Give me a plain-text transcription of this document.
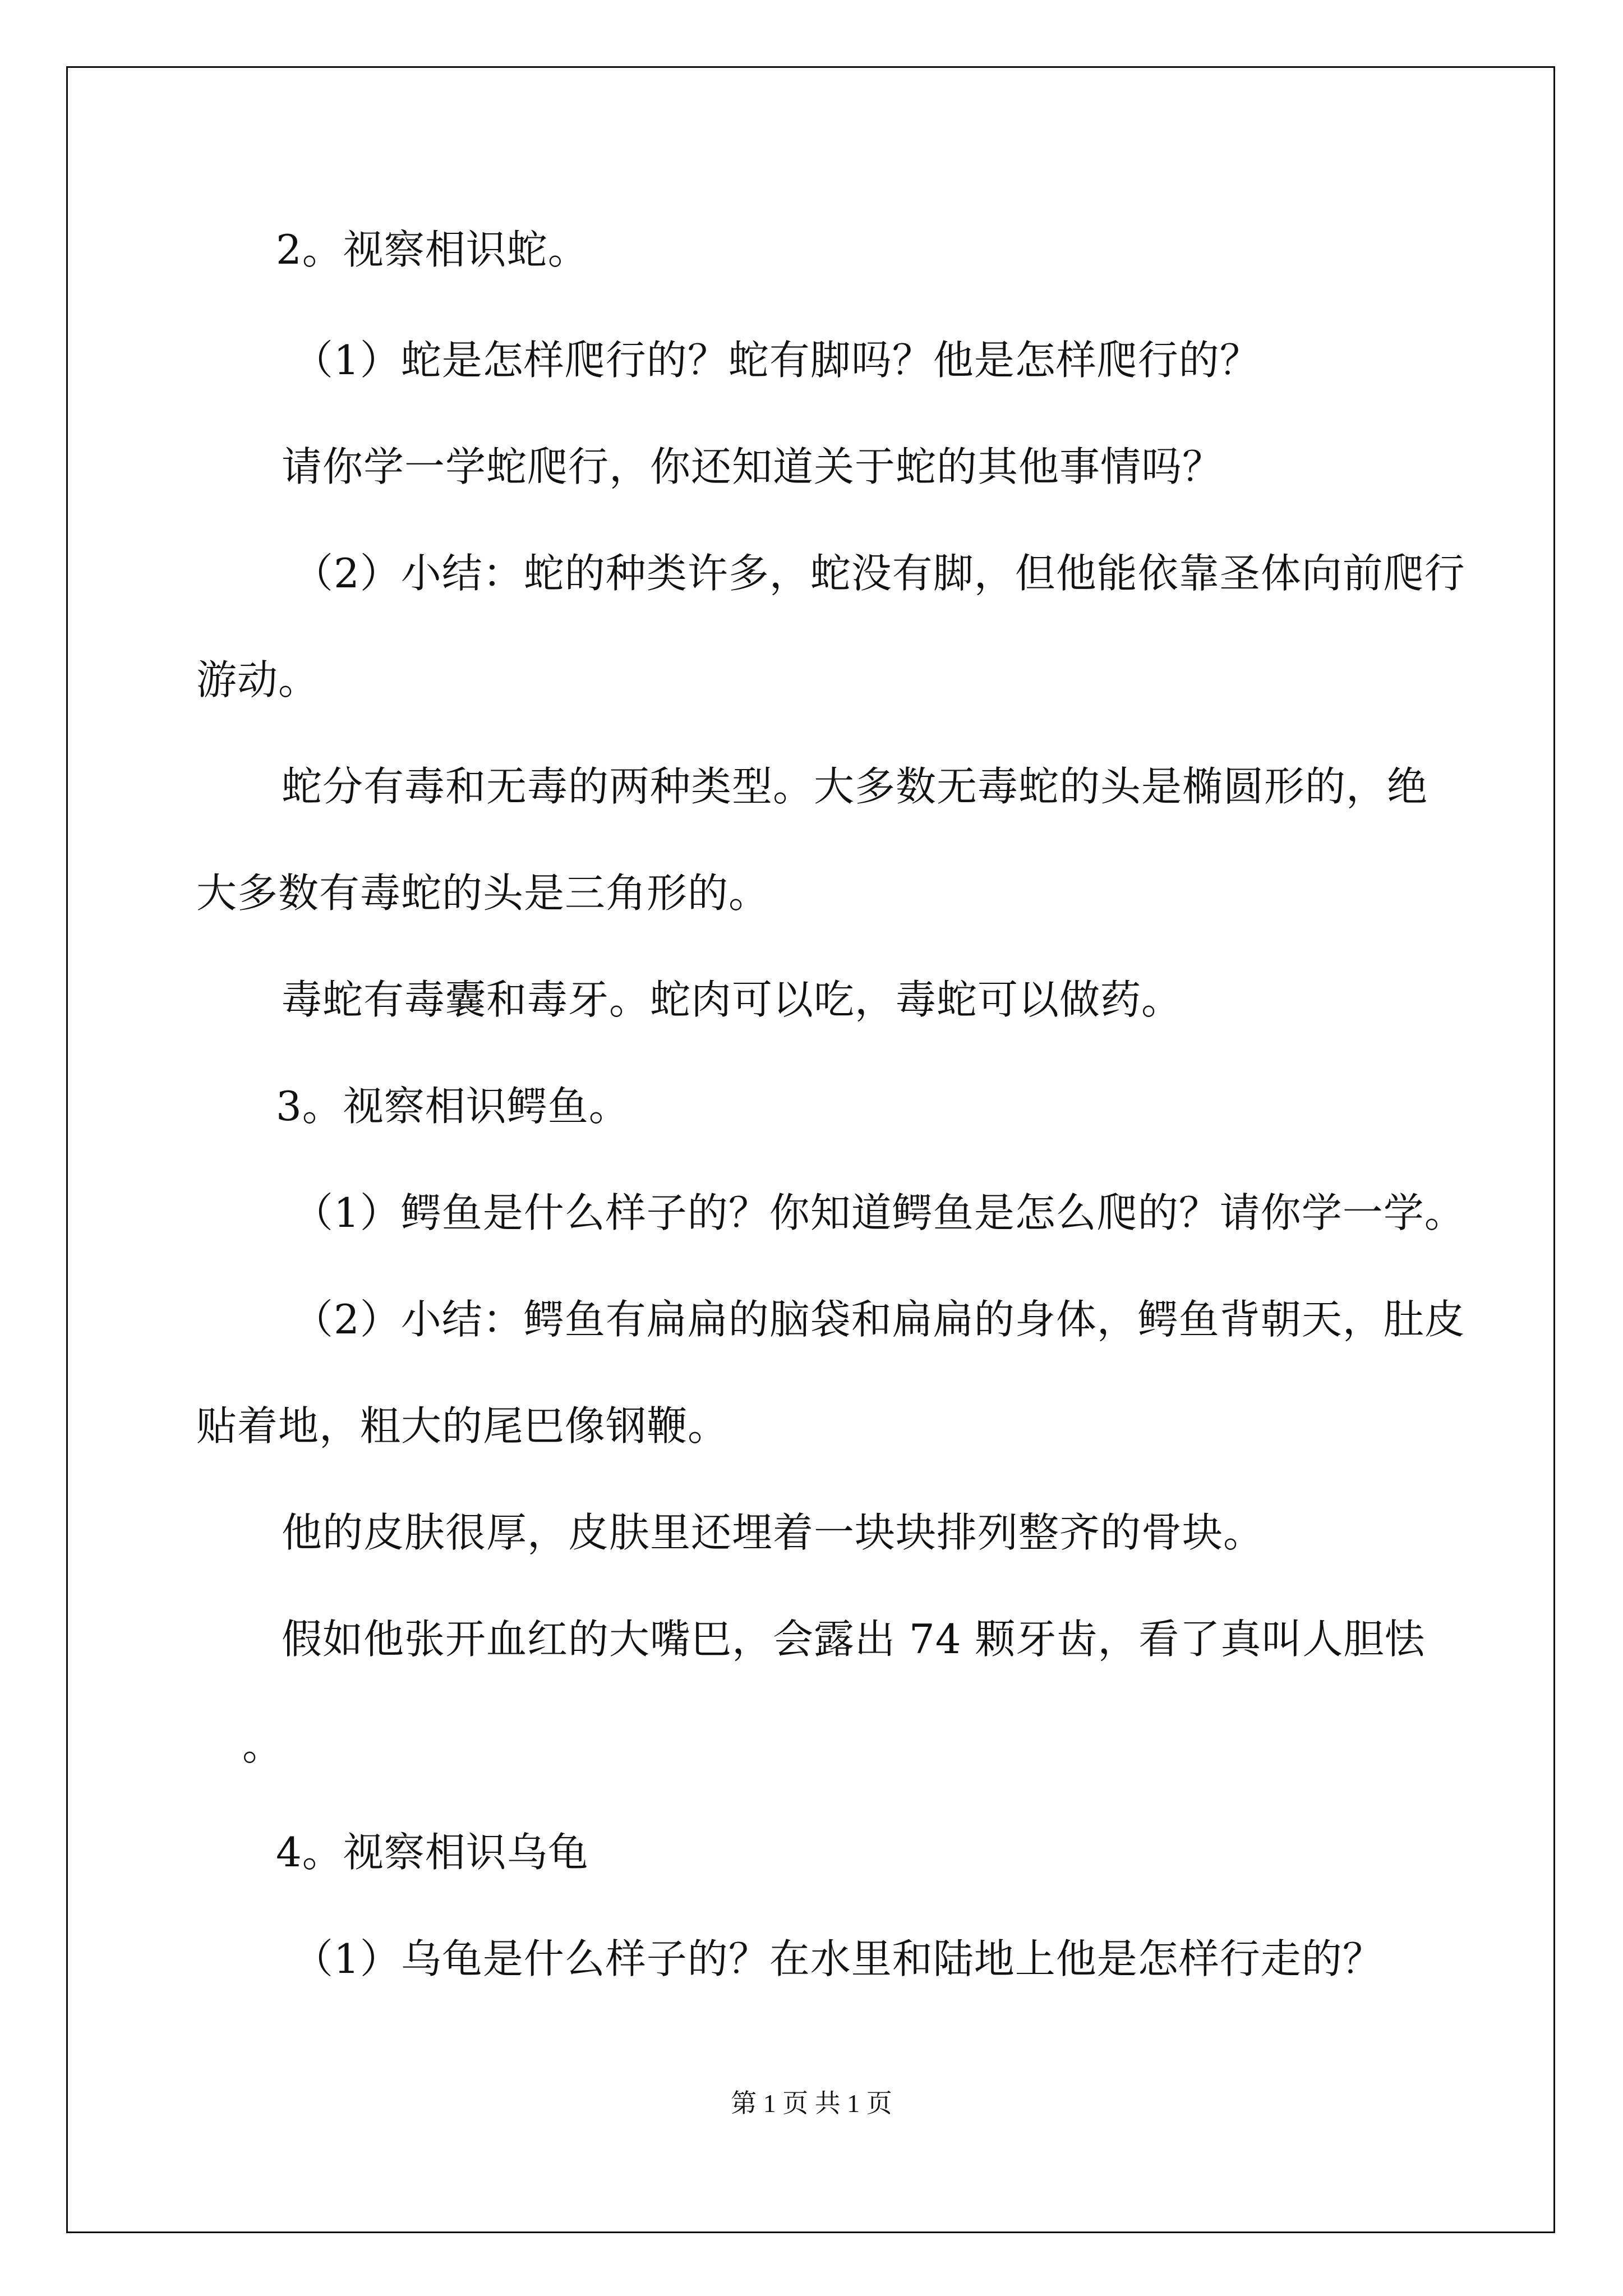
2。视察相识蛇。

（1）蛇是怎样爬行的？蛇有脚吗？他是怎样爬行的？

请你学一学蛇爬行，你还知道关于蛇的其他事情吗？

（2）小结：蛇的种类许多，蛇没有脚，但他能依靠圣体向前爬行

游动。

蛇分有毒和无毒的两种类型。大多数无毒蛇的头是椭圆形的，绝

大多数有毒蛇的头是三角形的。

毒蛇有毒囊和毒牙。蛇肉可以吃，毒蛇可以做药。

3。视察相识鳄鱼。

（1）鳄鱼是什么样子的？你知道鳄鱼是怎么爬的？请你学一学。

（2）小结：鳄鱼有扁扁的脑袋和扁扁的身体，鳄鱼背朝天，肚皮

贴着地，粗大的尾巴像钢鞭。

他的皮肤很厚，皮肤里还埋着一块块排列整齐的骨块。

假如他张开血红的大嘴巴，会露出 74 颗牙齿，看了真叫人胆怯

。

4。视察相识乌龟

（1）乌龟是什么样子的？在水里和陆地上他是怎样行走的？

第 1 页 共 1 页
